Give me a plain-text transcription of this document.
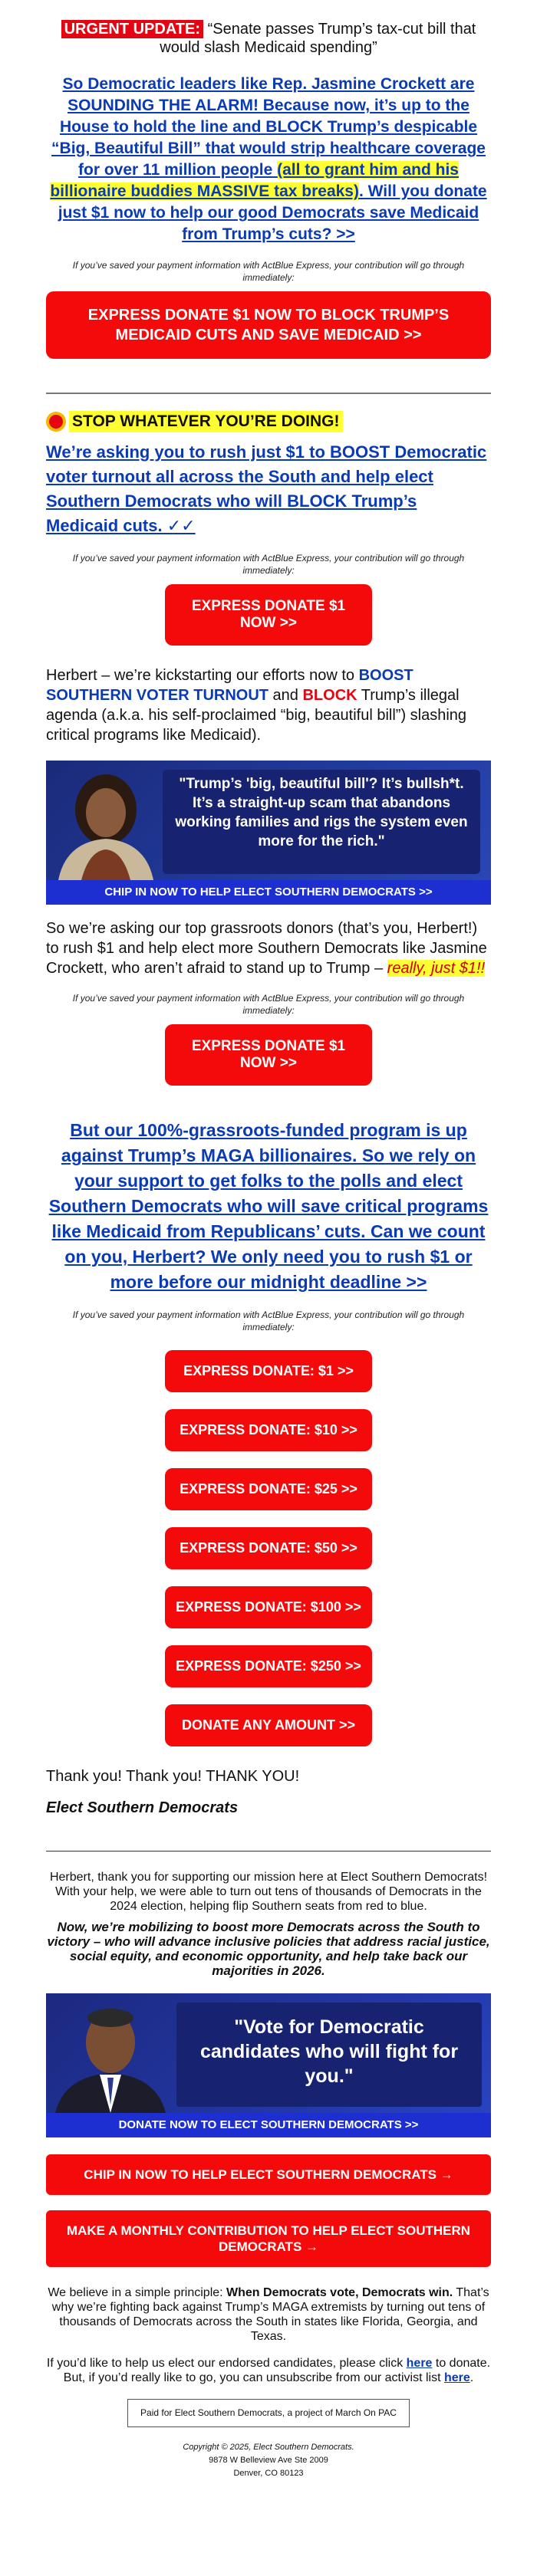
URGENT UPDATE: “Senate passes Trump’s tax-cut bill that would slash Medicaid spending”
So Democratic leaders like Rep. Jasmine Crockett are SOUNDING THE ALARM! Because now, it’s up to the House to hold the line and BLOCK Trump’s despicable “Big, Beautiful Bill” that would strip healthcare coverage for over 11 million people (all to grant him and his billionaire buddies MASSIVE tax breaks). Will you donate just $1 now to help our good Democrats save Medicaid from Trump’s cuts? >>
If you’ve saved your payment information with ActBlue Express, your contribution will go through immediately:
EXPRESS DONATE $1 NOW TO BLOCK TRUMP’S MEDICAID CUTS AND SAVE MEDICAID >>
STOP WHATEVER YOU’RE DOING!
We’re asking you to rush just $1 to BOOST Democratic voter turnout all across the South and help elect Southern Democrats who will BLOCK Trump’s Medicaid cuts. ✓✓
If you’ve saved your payment information with ActBlue Express, your contribution will go through immediately:
EXPRESS DONATE $1 NOW >>
Herbert – we’re kickstarting our efforts now to BOOST SOUTHERN VOTER TURNOUT and BLOCK Trump’s illegal agenda (a.k.a. his self-proclaimed “big, beautiful bill”) slashing critical programs like Medicaid).
"Trump’s 'big, beautiful bill'? It’s bullsh*t. It’s a straight-up scam that abandons working families and rigs the system even more for the rich."
CHIP IN NOW TO HELP ELECT SOUTHERN DEMOCRATS >>
So we’re asking our top grassroots donors (that’s you, Herbert!) to rush $1 and help elect more Southern Democrats like Jasmine Crockett, who aren’t afraid to stand up to Trump – really, just $1!!
If you’ve saved your payment information with ActBlue Express, your contribution will go through immediately:
EXPRESS DONATE $1 NOW >>
But our 100%-grassroots-funded program is up against Trump’s MAGA billionaires. So we rely on your support to get folks to the polls and elect Southern Democrats who will save critical programs like Medicaid from Republicans’ cuts. Can we count on you, Herbert? We only need you to rush $1 or more before our midnight deadline >>
If you’ve saved your payment information with ActBlue Express, your contribution will go through immediately:
EXPRESS DONATE: $1 >>
EXPRESS DONATE: $10 >>
EXPRESS DONATE: $25 >>
EXPRESS DONATE: $50 >>
EXPRESS DONATE: $100 >>
EXPRESS DONATE: $250 >>
DONATE ANY AMOUNT >>
Thank you! Thank you! THANK YOU!
Elect Southern Democrats
Herbert, thank you for supporting our mission here at Elect Southern Democrats! With your help, we were able to turn out tens of thousands of Democrats in the 2024 election, helping flip Southern seats from red to blue.
Now, we’re mobilizing to boost more Democrats across the South to victory – who will advance inclusive policies that address racial justice, social equity, and economic opportunity, and help take back our majorities in 2026.
"Vote for Democratic candidates who will fight for you."
DONATE NOW TO ELECT SOUTHERN DEMOCRATS >>
CHIP IN NOW TO HELP ELECT SOUTHERN DEMOCRATS →
MAKE A MONTHLY CONTRIBUTION TO HELP ELECT SOUTHERN DEMOCRATS →
We believe in a simple principle: When Democrats vote, Democrats win. That’s why we’re fighting back against Trump’s MAGA extremists by turning out tens of thousands of Democrats across the South in states like Florida, Georgia, and Texas.
If you’d like to help us elect our endorsed candidates, please click here to donate. But, if you’d really like to go, you can unsubscribe from our activist list here.
Paid for Elect Southern Democrats, a project of March On PAC
Copyright © 2025, Elect Southern Democrats.
9878 W Belleview Ave Ste 2009
Denver, CO 80123
